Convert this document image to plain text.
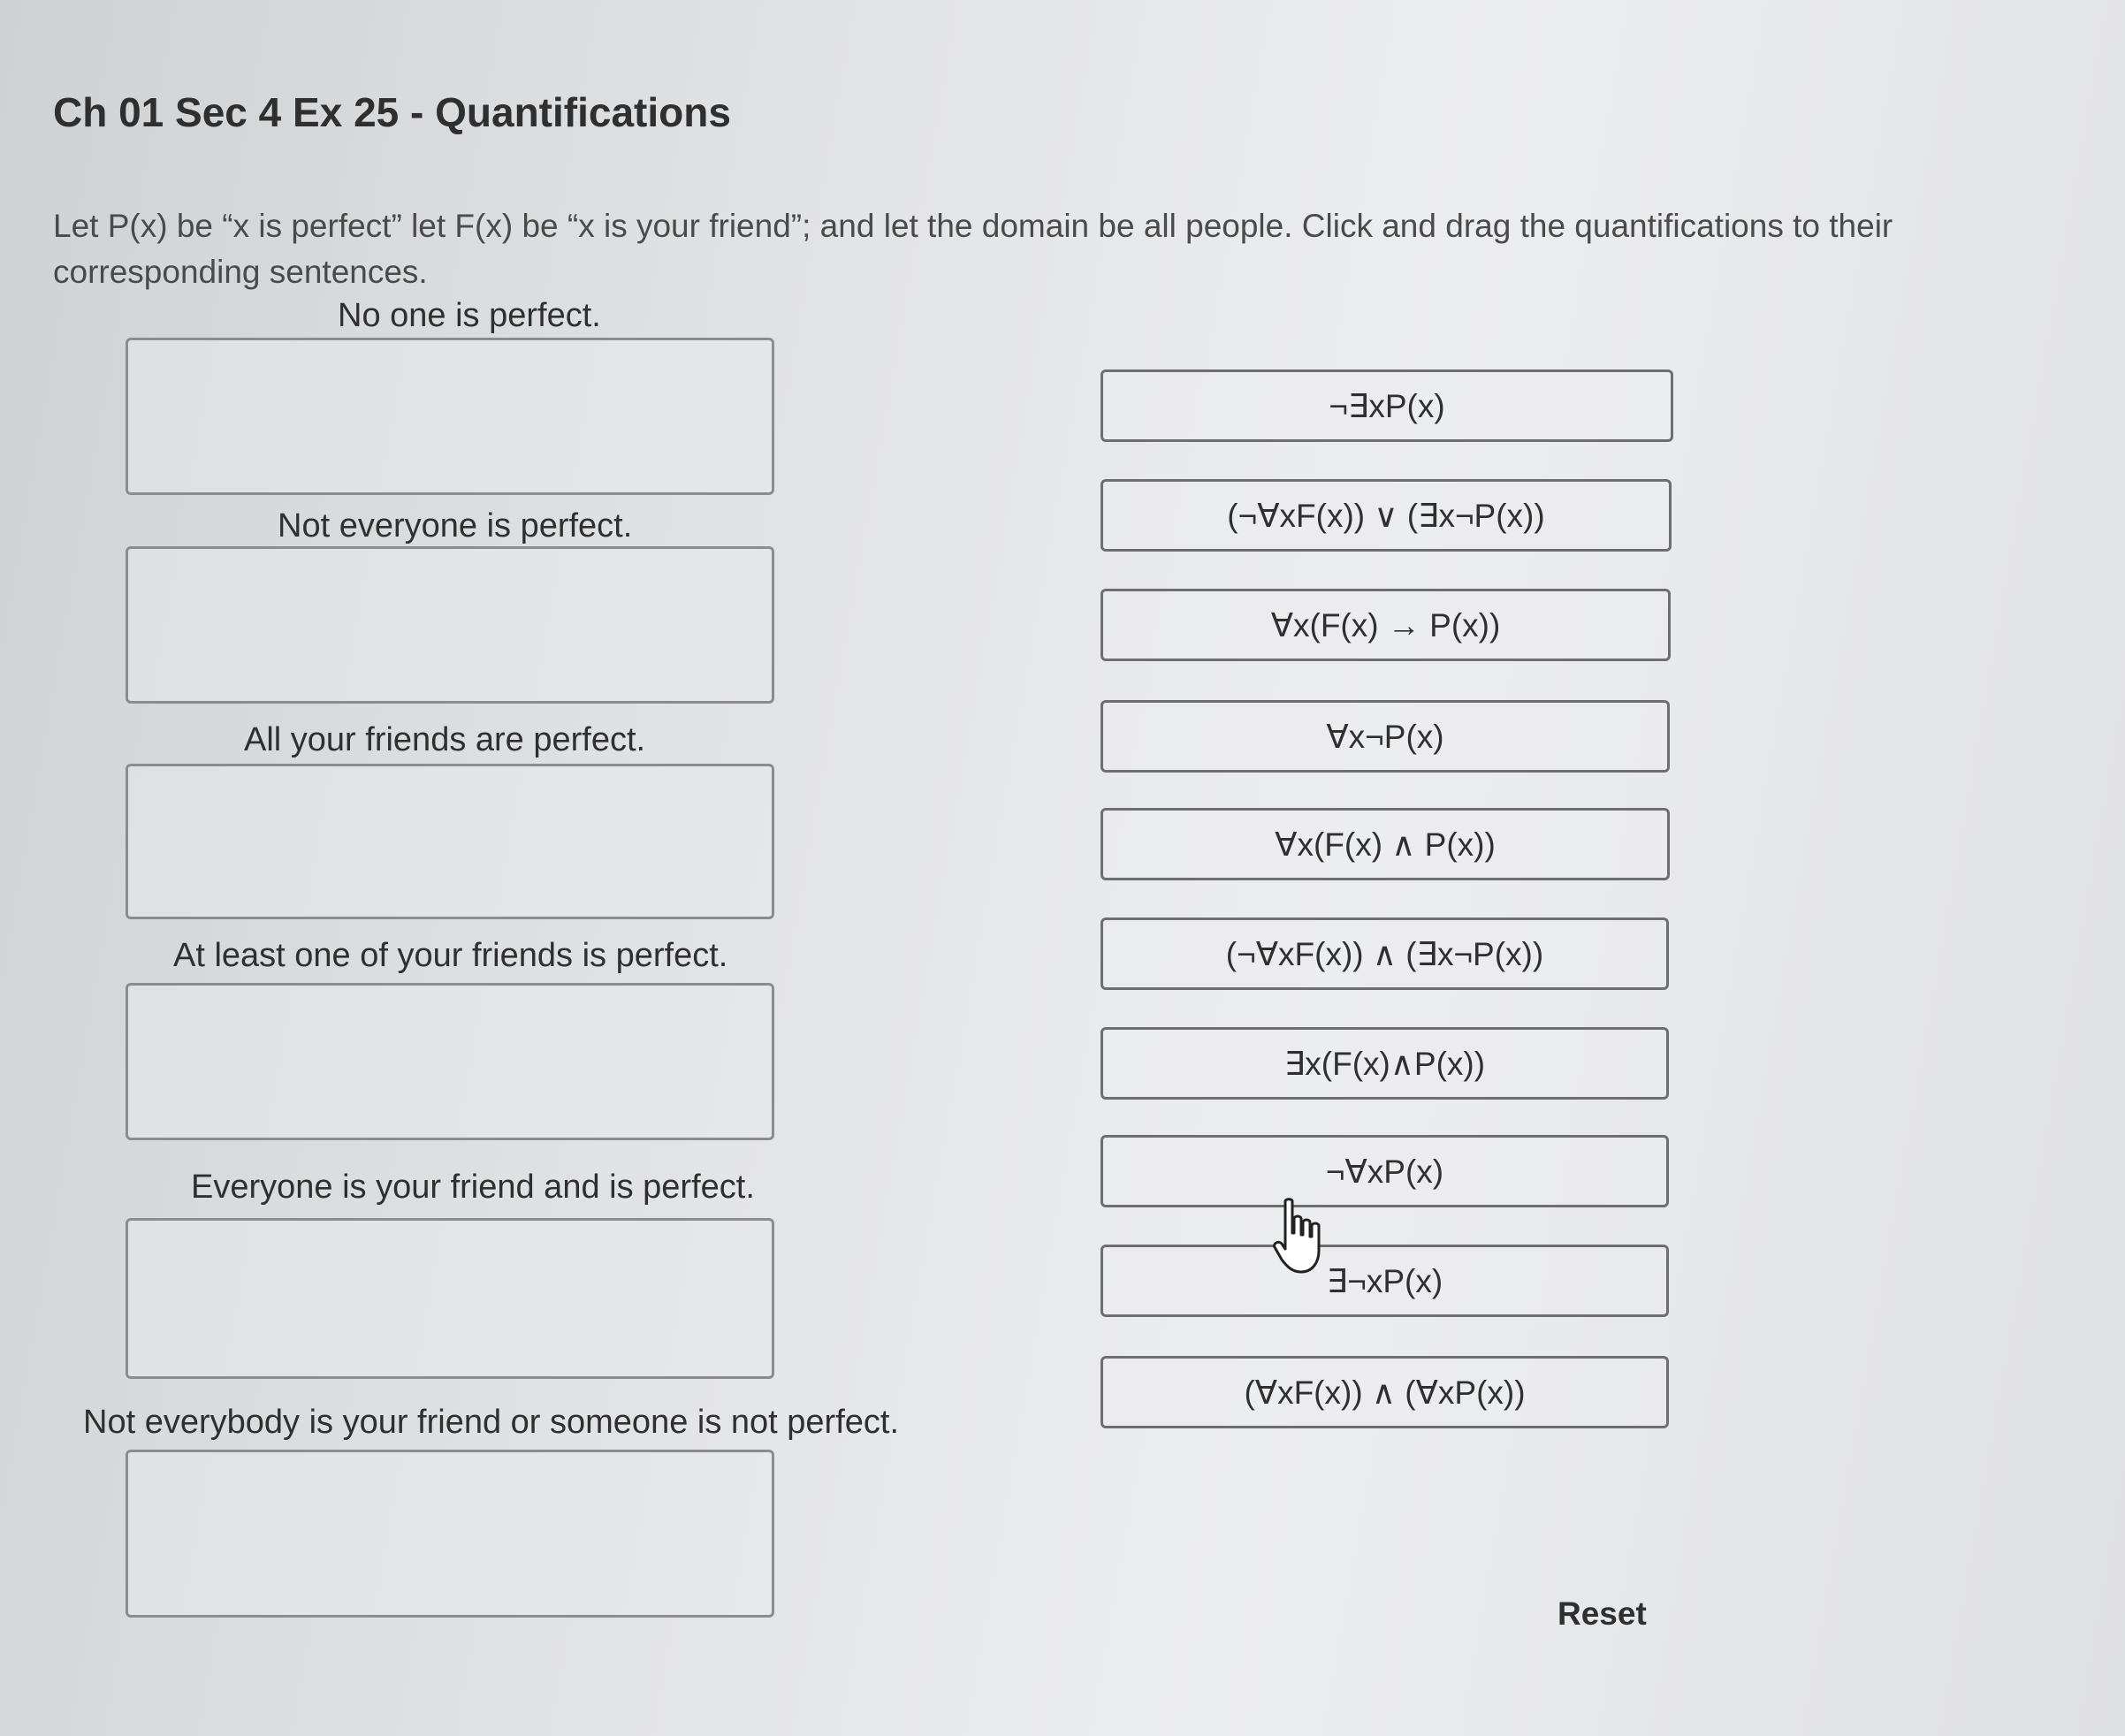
Ch 01 Sec 4 Ex 25 - Quantifications
Let P(x) be “x is perfect” let F(x) be “x is your friend”; and let the domain be all people. Click and drag the quantifications to their
corresponding sentences.
No one is perfect.
Not everyone is perfect.
All your friends are perfect.
At least one of your friends is perfect.
Everyone is your friend and is perfect.
Not everybody is your friend or someone is not perfect.
¬∃xP(x)
(¬∀xF(x)) ∨ (∃x¬P(x))
∀x(F(x) → P(x))
∀x¬P(x)
∀x(F(x) ∧ P(x))
(¬∀xF(x)) ∧ (∃x¬P(x))
∃x(F(x)∧P(x))
¬∀xP(x)
∃¬xP(x)
(∀xF(x)) ∧ (∀xP(x))
Reset
